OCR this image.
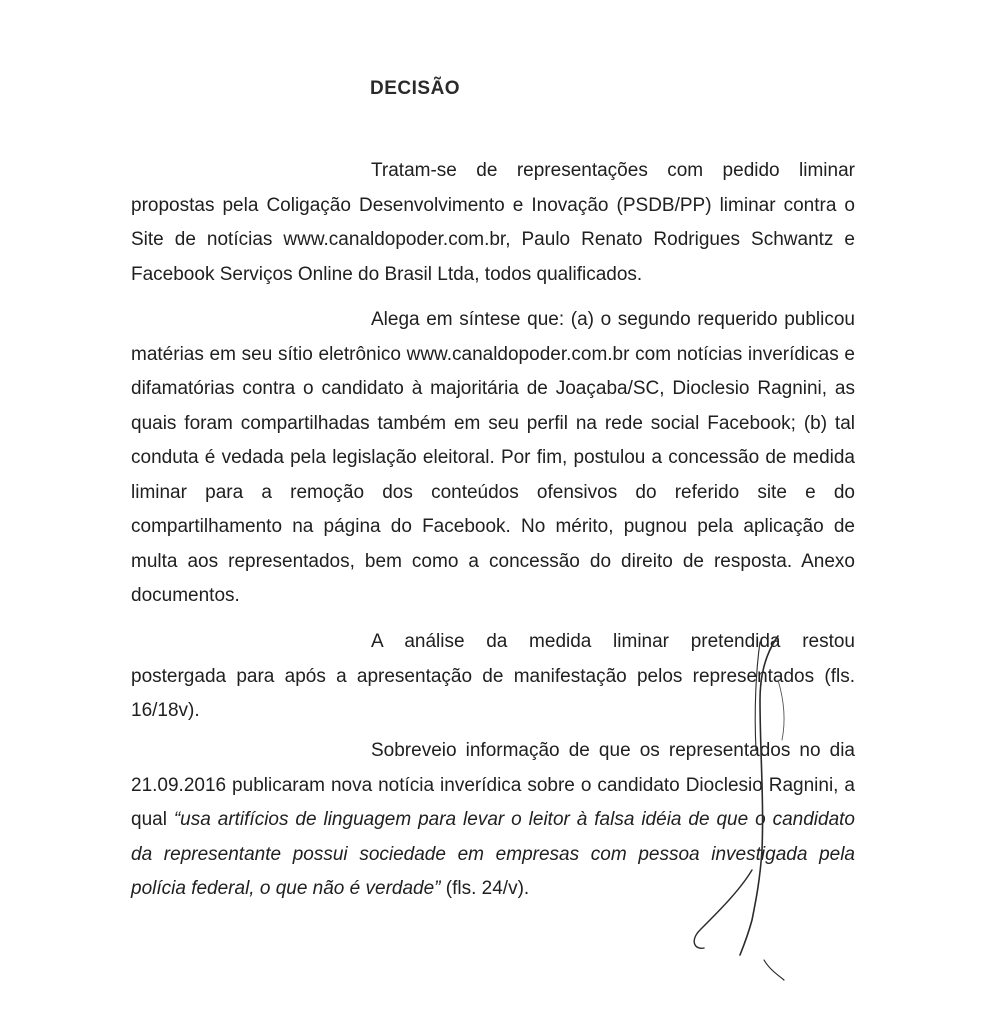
DECISÃO

Tratam-se de representações com pedido liminar propostas pela Coligação Desenvolvimento e Inovação (PSDB/PP) liminar contra o Site de notícias www.canaldopoder.com.br, Paulo Renato Rodrigues Schwantz e Facebook Serviços Online do Brasil Ltda, todos qualificados.

Alega em síntese que: (a) o segundo requerido publicou matérias em seu sítio eletrônico www.canaldopoder.com.br com notícias inverídicas e difamatórias contra o candidato à majoritária de Joaçaba/SC, Dioclesio Ragnini, as quais foram compartilhadas também em seu perfil na rede social Facebook; (b) tal conduta é vedada pela legislação eleitoral. Por fim, postulou a concessão de medida liminar para a remoção dos conteúdos ofensivos do referido site e do compartilhamento na página do Facebook. No mérito, pugnou pela aplicação de multa aos representados, bem como a concessão do direito de resposta. Anexo documentos.

A análise da medida liminar pretendida restou postergada para após a apresentação de manifestação pelos representados (fls. 16/18v).

Sobreveio informação de que os representados no dia 21.09.2016 publicaram nova notícia inverídica sobre o candidato Dioclesio Ragnini, a qual “usa artifícios de linguagem para levar o leitor à falsa idéia de que o candidato da representante possui sociedade em empresas com pessoa investigada pela polícia federal, o que não é verdade” (fls. 24/v).
